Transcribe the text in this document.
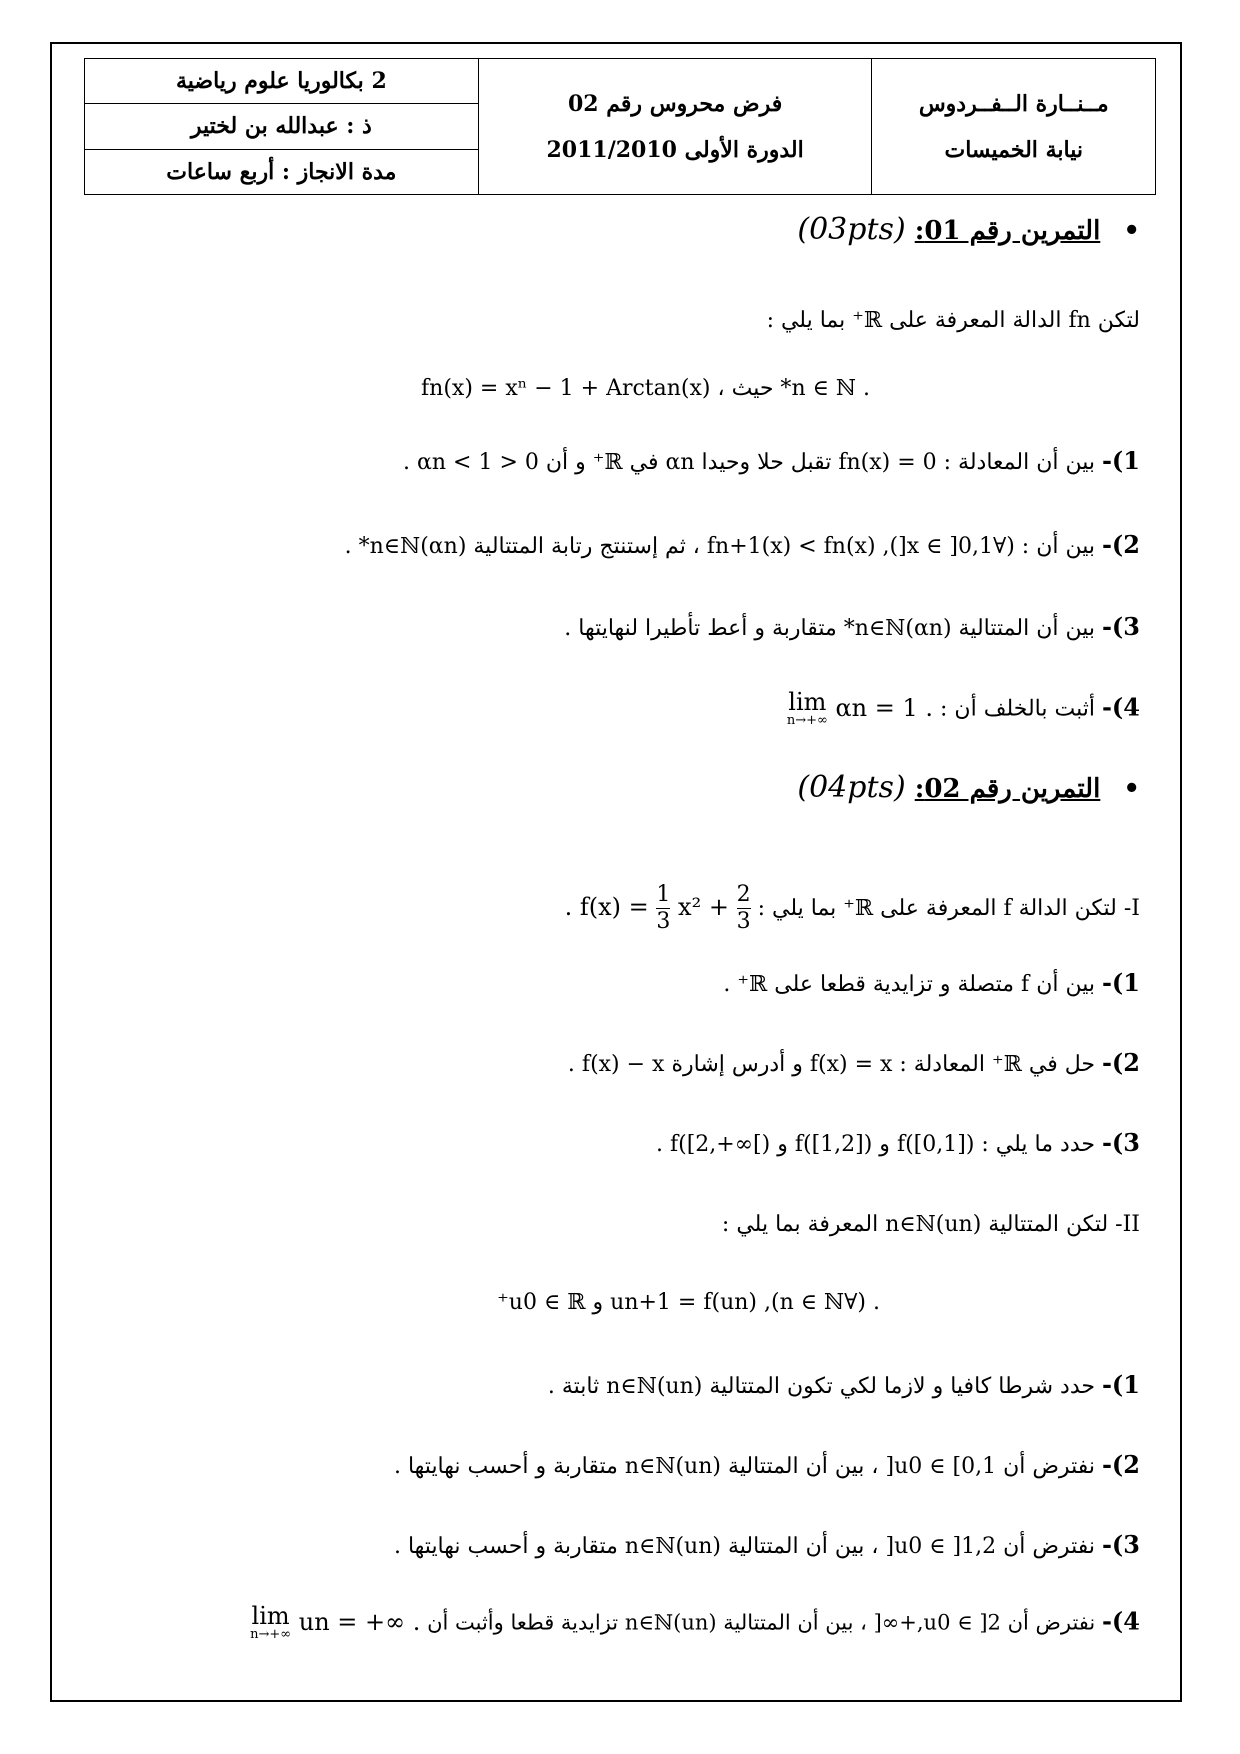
مــنــارة الــفــردوس
نيابة الخميسات

فرض محروس رقم 02
الدورة الأولى 2011/2010
	2 بكالوريا علوم رياضية
ذ : عبدالله بن لختير
مدة الانجاز : أربع ساعات
• التمرين رقم 01: (03pts)
لتكن fn الدالة المعرفة على ℝ⁺ بما يلي :
. n ∈ ℕ* حيث ، fn(x) = xⁿ − 1 + Arctan(x)
1)- بين أن المعادلة : fn(x) = 0 تقبل حلا وحيدا αn في ℝ⁺ و أن 0 < αn < 1 .
2)- بين أن : (∀x ∈ ]0,1[), fn+1(x) < fn(x) ، ثم إستنتج رتابة المتتالية (αn)n∈ℕ* .
3)- بين أن المتتالية (αn)n∈ℕ* متقاربة و أعط تأطيرا لنهايتها .
4)- أثبت بالخلف أن :
lim
n→+∞ αn = 1 .
• التمرين رقم 02: (04pts)
I- لتكن الدالة f المعرفة على ℝ⁺ بما يلي : . $f(x) = \frac{1}{3} x^2 + \frac{2}{3}$
1)- بين أن f متصلة و تزايدية قطعا على ℝ⁺ .
2)- حل في ℝ⁺ المعادلة : f(x) = x و أدرس إشارة f(x) − x .
3)- حدد ما يلي : f([0,1]) و f([1,2]) و f([2,+∞[) .
II- لتكن المتتالية (un)n∈ℕ المعرفة بما يلي :
. (∀n ∈ ℕ), un+1 = f(un) و u0 ∈ ℝ⁺
1)- حدد شرطا كافيا و لازما لكي تكون المتتالية (un)n∈ℕ ثابتة .
2)- نفترض أن u0 ∈ [0,1[ ، بين أن المتتالية (un)n∈ℕ متقاربة و أحسب نهايتها .
3)- نفترض أن u0 ∈ ]1,2[ ، بين أن المتتالية (un)n∈ℕ متقاربة و أحسب نهايتها .
4)- نفترض أن u0 ∈ ]2,+∞[ ، بين أن المتتالية (un)n∈ℕ تزايدية قطعا وأثبت أن
lim
n→+∞ un = +∞ .
